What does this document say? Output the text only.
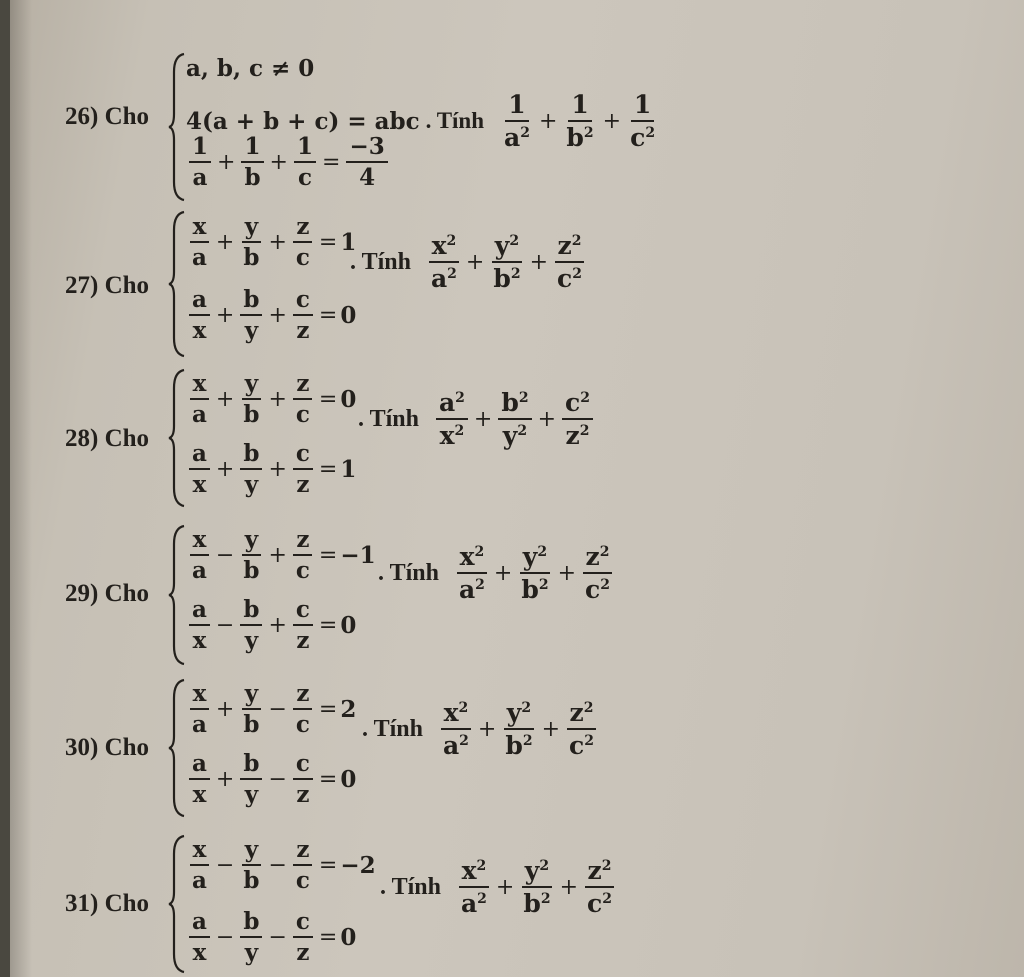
26) Cho
a, b, c ≠ 0
4(a + b + c) = abc . Tính $\frac{1}{a^2} + \frac{1}{b^2} + \frac{1}{c^2}$
$\frac{1}{a} + \frac{1}{b} + \frac{1}{c} = \frac{-3}{4}$
27) Cho
$\frac{x}{a} + \frac{y}{b} + \frac{z}{c} = 1$
$\frac{a}{x} + \frac{b}{y} + \frac{c}{z} = 0$
. Tính $\frac{x^2}{a^2} + \frac{y^2}{b^2} + \frac{z^2}{c^2}$
28) Cho
$\frac{x}{a} + \frac{y}{b} + \frac{z}{c} = 0$
$\frac{a}{x} + \frac{b}{y} + \frac{c}{z} = 1$
. Tính $\frac{a^2}{x^2} + \frac{b^2}{y^2} + \frac{c^2}{z^2}$
29) Cho
$\frac{x}{a} - \frac{y}{b} + \frac{z}{c} = -1$
$\frac{a}{x} - \frac{b}{y} + \frac{c}{z} = 0$
. Tính $\frac{x^2}{a^2} + \frac{y^2}{b^2} + \frac{z^2}{c^2}$
30) Cho
$\frac{x}{a} + \frac{y}{b} - \frac{z}{c} = 2$
$\frac{a}{x} + \frac{b}{y} - \frac{c}{z} = 0$
. Tính $\frac{x^2}{a^2} + \frac{y^2}{b^2} + \frac{z^2}{c^2}$
31) Cho
$\frac{x}{a} - \frac{y}{b} - \frac{z}{c} = -2$
$\frac{a}{x} - \frac{b}{y} - \frac{c}{z} = 0$
. Tính $\frac{x^2}{a^2} + \frac{y^2}{b^2} + \frac{z^2}{c^2}$
